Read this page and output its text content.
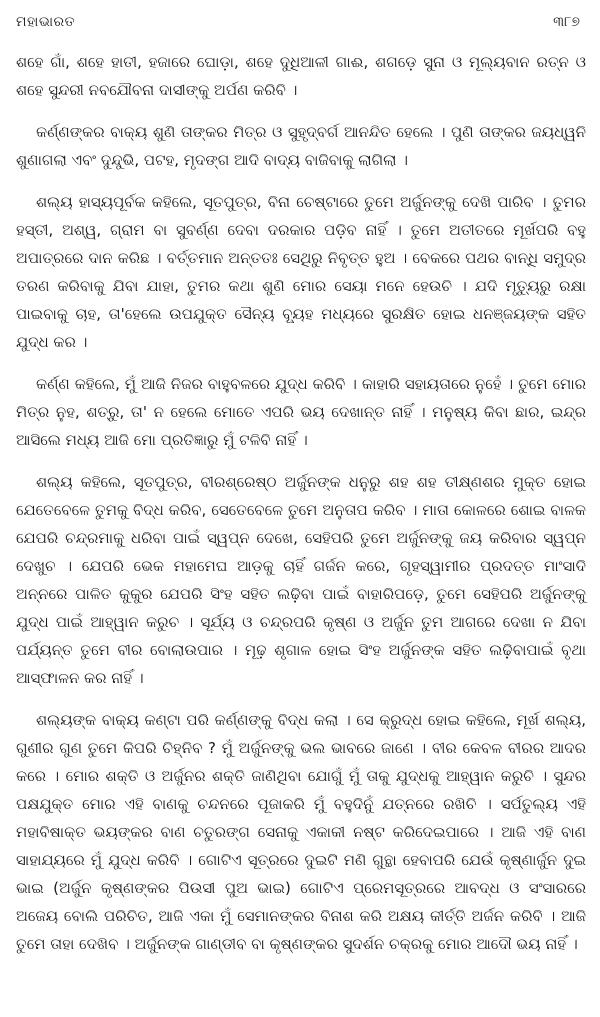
ମହାଭାରତ	୩୮୭

ଶହେ ଗାଁ, ଶହେ ହାତୀ, ହଜାରେ ଘୋଡ଼ା, ଶହେ ଦୁଧିଆଳୀ ଗାଈ, ଶଗଡ଼େ ସୁନା ଓ ମୂଲ୍ୟବାନ ରତ୍ନ ଓ ଶହେ ସୁନ୍ଦରୀ ନବଯୌବନା ଦାସୀଙ୍କୁ ଅର୍ପଣ କରିବି ।

କର୍ଣ୍ଣଙ୍କର ବାକ୍ୟ ଶୁଣି ତାଙ୍କର ମିତ୍ର ଓ ସୁହୃଦ୍‌ବର୍ଗ ଆନନ୍ଦିତ ହେଲେ । ପୁଣି ତାଙ୍କର ଜୟଧ୍ୱନି ଶୁଣାଗଲା ଏବଂ ଦୁନ୍ଦୁଭି, ପଟହ, ମୃଦଙ୍ଗ ଆଦି ବାଦ୍ୟ ବାଜିବାକୁ ଲାଗିଲା ।

ଶଲ୍ୟ ହାସ୍ୟପୂର୍ବକ କହିଲେ, ସୂତପୁତ୍ର, ବିନା ଚେଷ୍ଟାରେ ତୁମେ ଅର୍ଜୁନଙ୍କୁ ଦେଖି ପାରିବ । ତୁମର ହସ୍ତୀ, ଅଶ୍ୱ, ଗ୍ରାମ ବା ସୁବର୍ଣ୍ଣ ଦେବା ଦରକାର ପଡ଼ିବ ନାହିଁ । ତୁମେ ଅତୀତରେ ମୂର୍ଖପରି ବହୁ ଅପାତ୍ରରେ ଦାନ କରିଛ । ବର୍ତ୍ତମାନ ଅନ୍ତତଃ ସେଥିରୁ ନିବୃତ୍ତ ହୁଅ । ବେକରେ ପଥର ବାନ୍ଧି ସମୁଦ୍ର ତରଣ କରିବାକୁ ଯିବା ଯାହା, ତୁମର କଥା ଶୁଣି ମୋର ସେୟା ମନେ ହେଉଚି । ଯଦି ମୃତ୍ୟୁରୁ ରକ୍ଷା ପାଇବାକୁ ଚାହ, ତା'ହେଲେ ଉପଯୁକ୍ତ ସୈନ୍ୟ ବ୍ୟୂହ ମଧ୍ୟରେ ସୁରକ୍ଷିତ ହୋଇ ଧନଞ୍ଜୟଙ୍କ ସହିତ ଯୁଦ୍ଧ କର ।

କର୍ଣ୍ଣ କହିଲେ, ମୁଁ ଆଜି ନିଜର ବାହୁବଳରେ ଯୁଦ୍ଧ କରିବି । କାହାରି ସହାୟତାରେ ନୁହେଁ । ତୁମେ ମୋର ମିତ୍ର ନୁହ, ଶତ୍ରୁ, ତା' ନ ହେଲେ ମୋତେ ଏପରି ଭୟ ଦେଖାନ୍ତ ନାହିଁ । ମନୁଷ୍ୟ କିବା ଛାର, ଇନ୍ଦ୍ର ଆସିଲେ ମଧ୍ୟ ଆଜି ମୋ ପ୍ରତିଜ୍ଞାରୁ ମୁଁ ଟଳିବି ନାହିଁ ।

ଶଲ୍ୟ କହିଲେ, ସୂତପୁତ୍ର, ବୀରଶ୍ରେଷ୍ଠ ଅର୍ଜୁନଙ୍କ ଧନୁରୁ ଶହ ଶହ ତୀକ୍ଷ୍ଣଶର ମୁକ୍ତ ହୋଇ ଯେତେବେଳେ ତୁମକୁ ବିଦ୍ଧ କରିବ, ସେତେବେଳେ ତୁମେ ଅନୁତାପ କରିବ । ମାତା କୋଳରେ ଶୋଇ ବାଳକ ଯେପରି ଚନ୍ଦ୍ରମାକୁ ଧରିବା ପାଇଁ ସ୍ୱପ୍ନ ଦେଖେ, ସେହିପରି ତୁମେ ଅର୍ଜୁନଙ୍କୁ ଜୟ କରିବାର ସ୍ୱପ୍ନ ଦେଖୁଚ । ଯେପରି ଭେକ ମହାମେଘ ଆଡ଼କୁ ଚାହିଁ ଗର୍ଜନ କରେ, ଗୃହସ୍ୱାମୀର ପ୍ରଦତ୍ତ ମାଂସାଦି ଅନ୍ନରେ ପାଳିତ କୁକୁର ଯେପରି ସିଂହ ସହିତ ଲଢ଼ିବା ପାଇଁ ବାହାରିପଡ଼େ, ତୁମେ ସେହିପରି ଅର୍ଜୁନଙ୍କୁ ଯୁଦ୍ଧ ପାଇଁ ଆହ୍ୱାନ କରୁଚ । ସୂର୍ଯ୍ୟ ଓ ଚନ୍ଦ୍ରପରି କୃଷ୍ଣ ଓ ଅର୍ଜୁନ ତୁମ ଆଗରେ ଦେଖା ନ ଯିବା ପର୍ଯ୍ୟନ୍ତ ତୁମେ ବୀର ବୋଲାଉପାର । ମୂଢ଼ ଶୃଗାଳ ହୋଇ ସିଂହ ଅର୍ଜୁନଙ୍କ ସହିତ ଲଢ଼ିବାପାଇଁ ବୃଥା ଆସ୍ଫାଳନ କର ନାହିଁ ।

ଶଲ୍ୟଙ୍କ ବାକ୍ୟ କଣ୍ଟା ପରି କର୍ଣ୍ଣଙ୍କୁ ବିଦ୍ଧ କଲା । ସେ କ୍ରୁଦ୍ଧ ହୋଇ କହିଲେ, ମୂର୍ଖ ଶଲ୍ୟ, ଗୁଣୀର ଗୁଣ ତୁମେ କିପରି ଚିହ୍ନିବ ? ମୁଁ ଅର୍ଜୁନଙ୍କୁ ଭଲ ଭାବରେ ଜାଣେ । ବୀର କେବଳ ବୀରର ଆଦର କରେ । ମୋର ଶକ୍ତି ଓ ଅର୍ଜୁନର ଶକ୍ତି ଜାଣିଥିବା ଯୋଗୁଁ ମୁଁ ତାକୁ ଯୁଦ୍ଧକୁ ଆହ୍ୱାନ କରୁଚି । ସୁନ୍ଦର ପକ୍ଷଯୁକ୍ତ ମୋର ଏହି ବାଣକୁ ଚନ୍ଦନରେ ପୂଜାକରି ମୁଁ ବହୁଦିନୁଁ ଯତ୍ନରେ ରଖିଚି । ସର୍ପତୁଲ୍ୟ ଏହି ମହାବିଷାକ୍ତ ଭୟଙ୍କର ବାଣ ଚତୁରଙ୍ଗ ସେନାକୁ ଏକାକୀ ନଷ୍ଟ କରିଦେଇପାରେ । ଆଜି ଏହି ବାଣ ସାହାଯ୍ୟରେ ମୁଁ ଯୁଦ୍ଧ କରିବି । ଗୋଟିଏ ସୂତ୍ରରେ ଦୁଇଟି ମଣି ଗୁନ୍ଥା ହେବାପରି ଯେଉଁ କୃଷ୍ଣାର୍ଜୁନ ଦୁଇ ଭାଇ (ଅର୍ଜୁନ କୃଷ୍ଣଙ୍କର ପିଉସୀ ପୁଅ ଭାଇ) ଗୋଟିଏ ପ୍ରେମସୂତ୍ରରେ ଆବଦ୍ଧ ଓ ସଂସାରରେ ଅଜେୟ ବୋଲି ପରିଚିତ, ଆଜି ଏକା ମୁଁ ସେମାନଙ୍କର ବିନାଶ କରି ଅକ୍ଷୟ କୀର୍ତ୍ତି ଅର୍ଜନ କରିବି । ଆଜି ତୁମେ ତାହା ଦେଖିବ । ଅର୍ଜୁନଙ୍କ ଗାଣ୍ଡୀବ ବା କୃଷ୍ଣଙ୍କର ସୁଦର୍ଶନ ଚକ୍ରକୁ ମୋର ଆଦୌ ଭୟ ନାହିଁ ।
